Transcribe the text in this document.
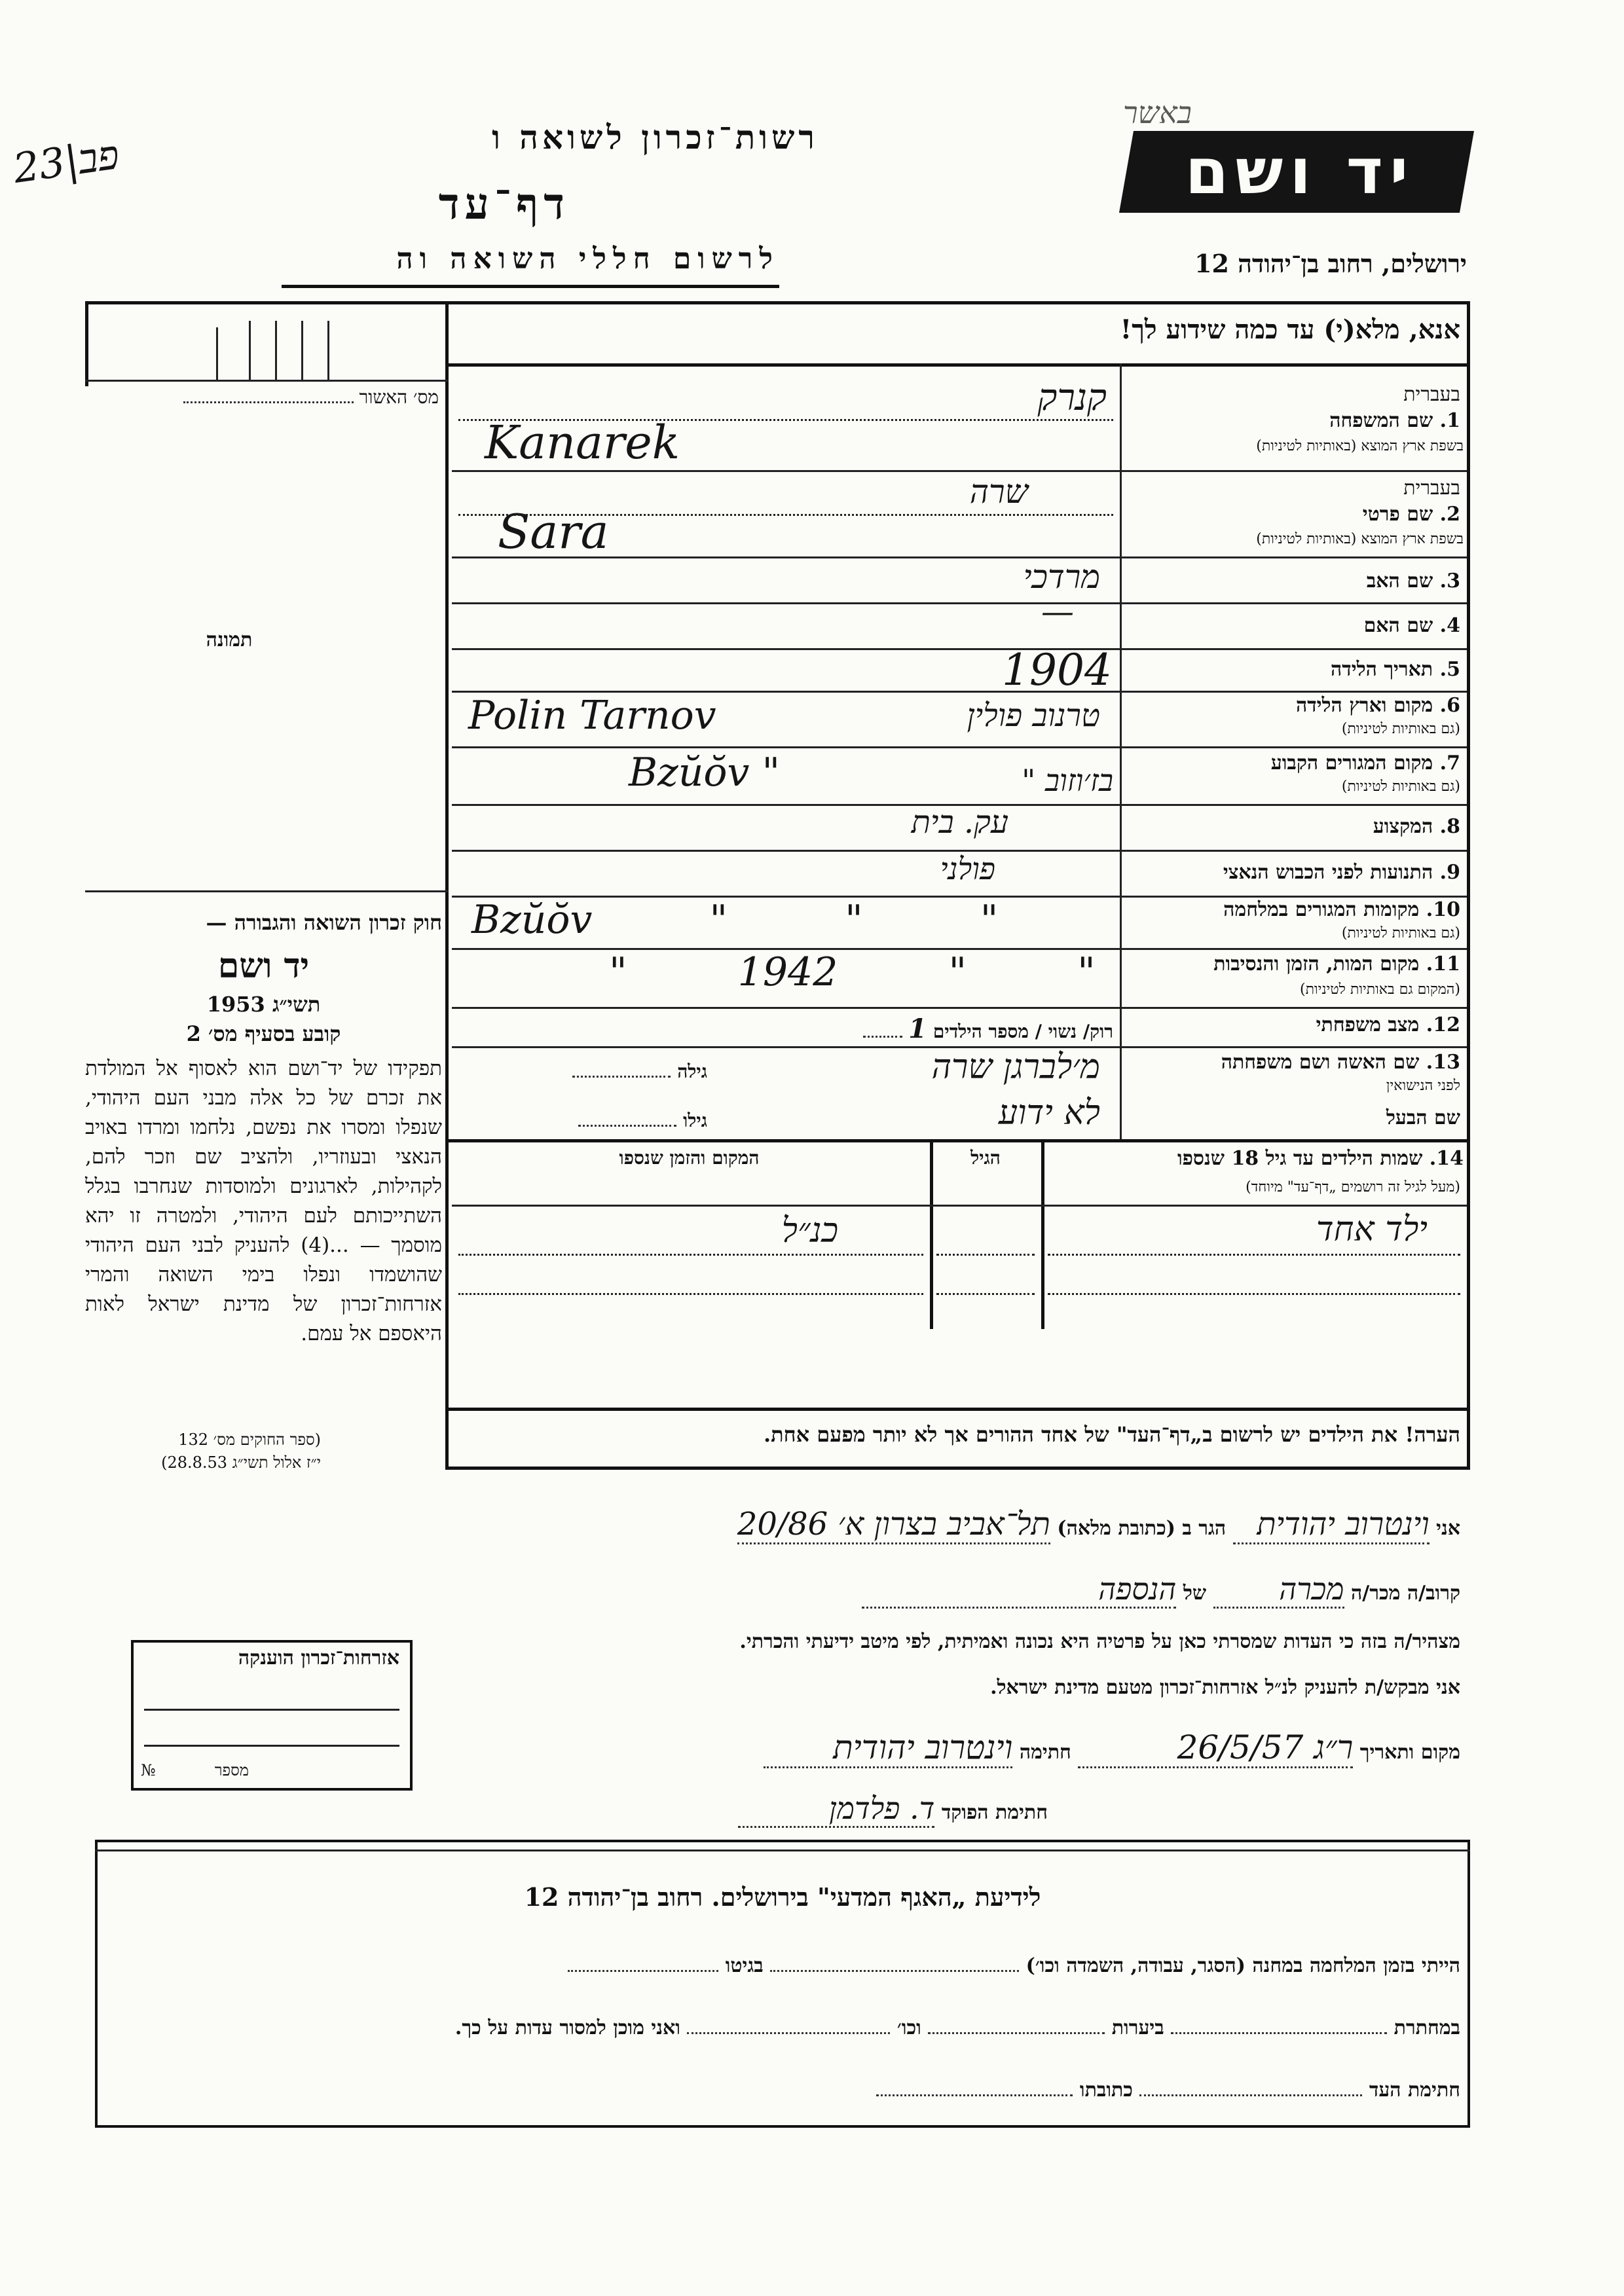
פב|23
באשר
רשות־זכרון לשואה ו
דף־עד
לרשום חללי השואה וה
יד ושם
ירושלים, רחוב בן־יהודה 12
אנא, מלא(י) עד כמה שידוע לך!
מס׳ האשור
תמונה
חוק זכרון השואה והגבורה —
יד ושם
תשי״ג 1953
קובע בסעיף מס׳ 2
תפקידו של יד־ושם הוא לאסוף אל המולדת את זכרם של כל אלה מבני העם היהודי, שנפלו ומסרו את נפשם, נלחמו ומרדו באויב הנאצי ובעוזריו, ולהציב שם וזכר להם, לקהילות, לארגונים ולמוסדות שנחרבו בגלל השתייכותם לעם היהודי, ולמטרה זו יהא מוסמך — ...(4) להעניק לבני העם היהודי שהושמדו ונפלו בימי השואה והמרי אזרחות־זכרון של מדינת ישראל לאות היאספם אל עמם.
(ספר החוקים מס׳ 132
י״ז אלול תשי״ג 28.8.53)
אזרחות־זכרון הוענקה
№	מספר
בעברית
1. שם המשפחה
בשפת ארץ המוצא (באותיות לטיניות)
קנרק
Kanarek
בעברית
2. שם פרטי
בשפת ארץ המוצא (באותיות לטיניות)
שרה
Sara
3. שם האב
מרדכי
4. שם האם
—
5. תאריך הלידה
1904
6. מקום וארץ הלידה
(גם באותיות לטיניות)
טרנוב פולין
Polin Tarnov
7. מקום המגורים הקבוע
(גם באותיות לטיניות)
בז׳וזוב "
Bzŭŏv "
8. המקצוע
עק. בית
9. התנועות לפני הכבוש הנאצי
פולני
10. מקומות המגורים במלחמה
(גם באותיות לטיניות)
Bzŭŏv " " "
11. מקום המות, הזמן והנסיבות
(המקום גם באותיות לטיניות)
" 1942 " "
12. מצב משפחתי
רוק/ נשוי / מספר הילדים 1
13. שם האשה ושם משפחתה
לפני הנישואין
מ׳לברגן שרה
גילה
שם הבעל
לא ידוע
גילו
14. שמות הילדים עד גיל 18 שנספו
(מעל לגיל זה רושמים „דף־עד" מיוחד)
הגיל
המקום והזמן שנספו
ילד אחד
כנ״ל
הערה! את הילדים יש לרשום ב„דף־העד" של אחד ההורים אך לא יותר מפעם אחת.
אני וינטרוב יהודית הגר ב (כתובת מלאה) תל־אביב בצרון א׳ 20/86
קרוב/ה מכר/ה מכרה של הנספה
מצהיר/ה בזה כי העדות שמסרתי כאן על פרטיה היא נכונה ואמיתית, לפי מיטב ידיעתי והכרתי.
אני מבקש/ת להעניק לנ״ל אזרחות־זכרון מטעם מדינת ישראל.
מקום ותאריך ר״ג 26/5/57 חתימה וינטרוב יהודית
חתימת הפוקד ד. פלדמן
לידיעת „האגף המדעי" בירושלים. רחוב בן־יהודה 12
הייתי בזמן המלחמה במחנה (הסגר, עבודה, השמדה וכו׳)  בגיטו
במחתרת  ביערות  וכו׳  ואני מוכן למסור עדות על כך.
חתימת העד  כתובתו
